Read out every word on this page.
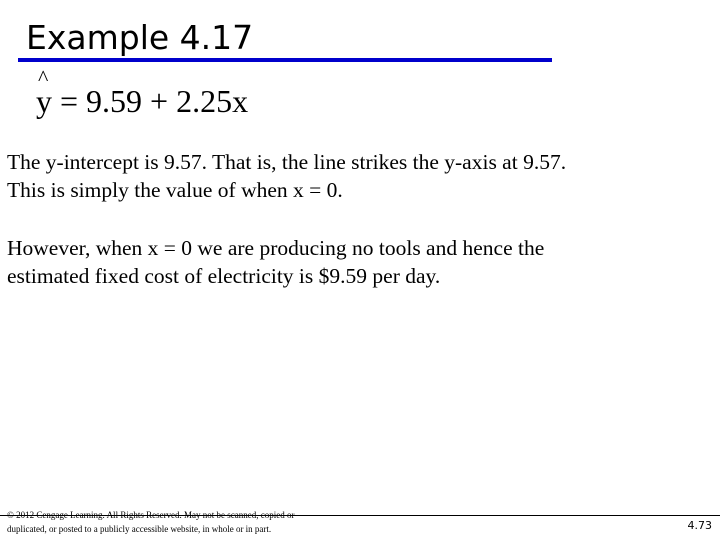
Example 4.17
^
y = 9.59 + 2.25x
The y-intercept is 9.57. That is, the line strikes the y-axis at 9.57.
This is simply the value of when x = 0.
However, when x = 0 we are producing no tools and hence the
estimated fixed cost of electricity is $9.59 per day.
© 2012 Cengage Learning. All Rights Reserved. May not be scanned, copied or
duplicated, or posted to a publicly accessible website, in whole or in part.	4.73
